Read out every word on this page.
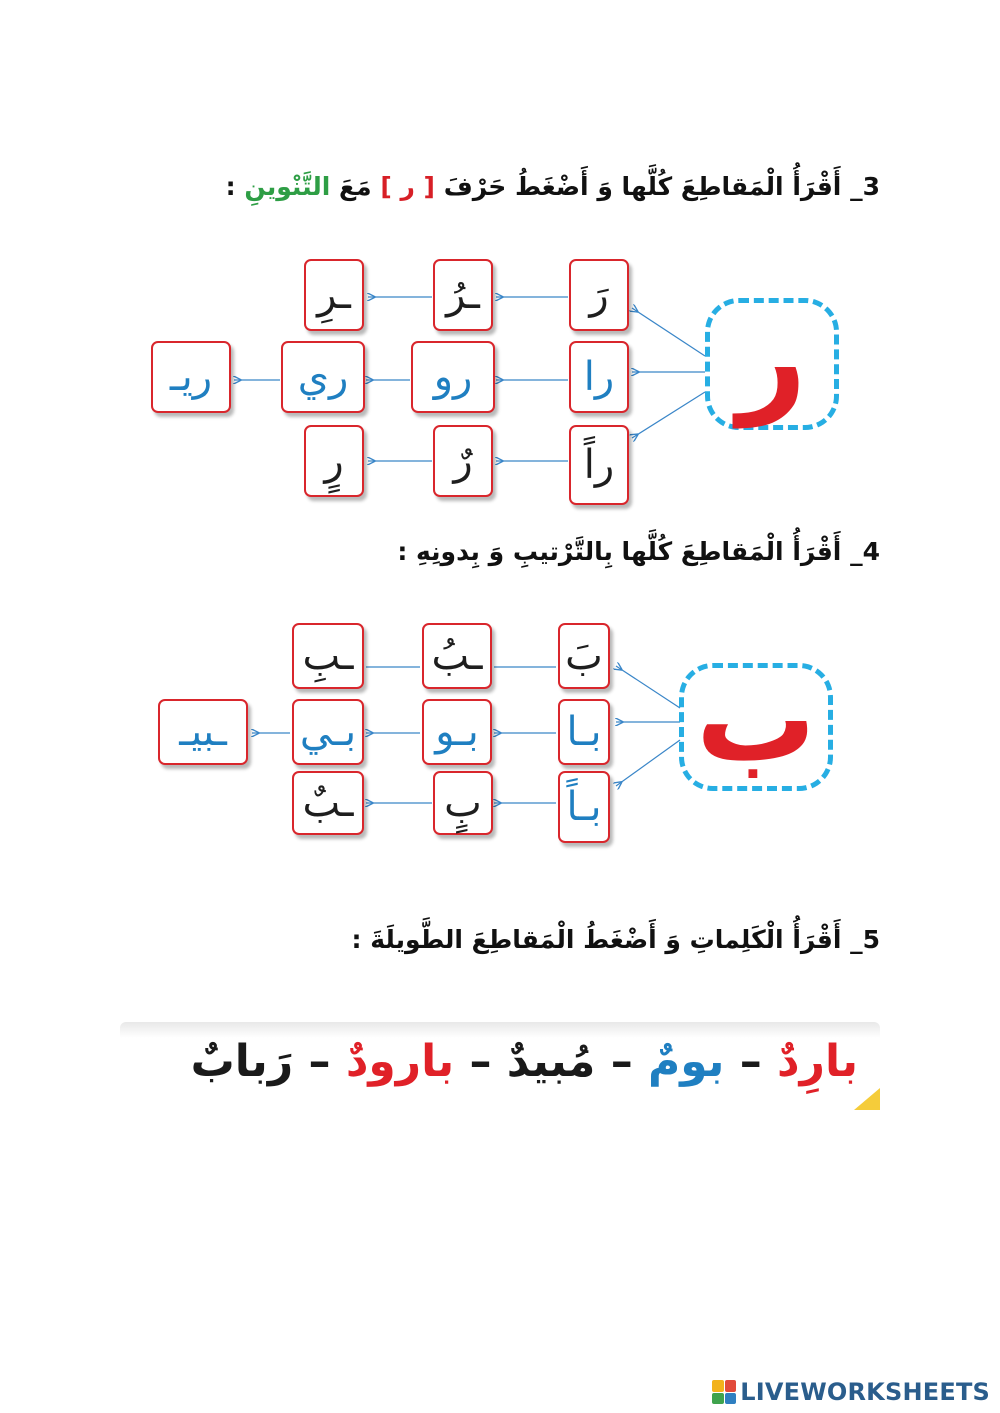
3_ أَقْرَأُ الْمَقاطِعَ كُلَّها وَ أَضْغَطُ حَرْفَ [ ر ] مَعَ التَّنْوينِ :
ر
رَ
ـرُ
ـرِ
را
رو
ري
ريـ
راً
رٌ
رٍ
4_ أَقْرَأُ الْمَقاطِعَ كُلَّها بِالتَّرْتيبِ وَ بِدونِهِ :
ب
بَ
ـبُ
ـبِ
بـا
بـو
بـي
ـبيـ
بـاً
بٍ
ـبٌ
5_ أَقْرَأُ الْكَلِماتِ وَ أَضْغَطُ الْمَقاطِعَ الطَّويلَةَ :
بارِدٌ – بومٌ – مُبيدٌ – بارودٌ – رَبابٌ
LIVEWORKSHEETS
